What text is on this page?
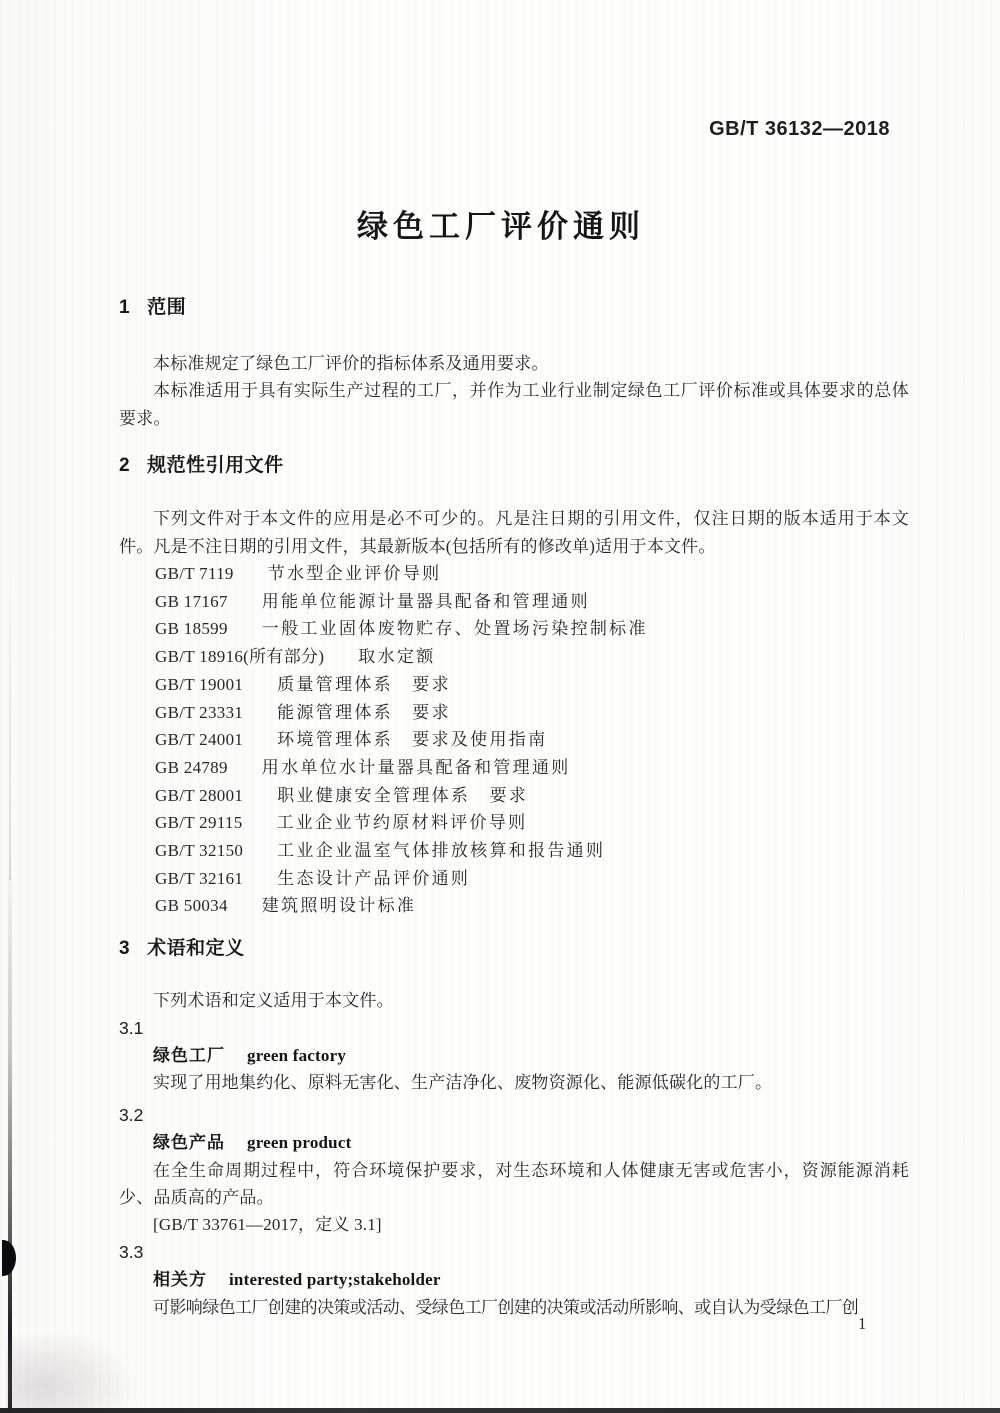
GB/T 36132—2018
绿色工厂评价通则
1 范围

本标准规定了绿色工厂评价的指标体系及通用要求。

本标准适用于具有实际生产过程的工厂，并作为工业行业制定绿色工厂评价标准或具体要求的总体要求。

2 规范性引用文件

下列文件对于本文件的应用是必不可少的。凡是注日期的引用文件，仅注日期的版本适用于本文件。凡是不注日期的引用文件，其最新版本(包括所有的修改单)适用于本文件。

GB/T 7119 节水型企业评价导则
GB 17167 用能单位能源计量器具配备和管理通则
GB 18599 一般工业固体废物贮存、处置场污染控制标准
GB/T 18916(所有部分) 取水定额
GB/T 19001 质量管理体系　要求
GB/T 23331 能源管理体系　要求
GB/T 24001 环境管理体系　要求及使用指南
GB 24789 用水单位水计量器具配备和管理通则
GB/T 28001 职业健康安全管理体系　要求
GB/T 29115 工业企业节约原材料评价导则
GB/T 32150 工业企业温室气体排放核算和报告通则
GB/T 32161 生态设计产品评价通则
GB 50034 建筑照明设计标准
3 术语和定义

下列术语和定义适用于本文件。

3.1
绿色工厂 green factory

实现了用地集约化、原料无害化、生产洁净化、废物资源化、能源低碳化的工厂。

3.2
绿色产品 green product

在全生命周期过程中，符合环境保护要求，对生态环境和人体健康无害或危害小，资源能源消耗少、品质高的产品。

[GB/T 33761—2017，定义 3.1]
3.3
相关方 interested party;stakeholder

可影响绿色工厂创建的决策或活动、受绿色工厂创建的决策或活动所影响、或自认为受绿色工厂创

1
